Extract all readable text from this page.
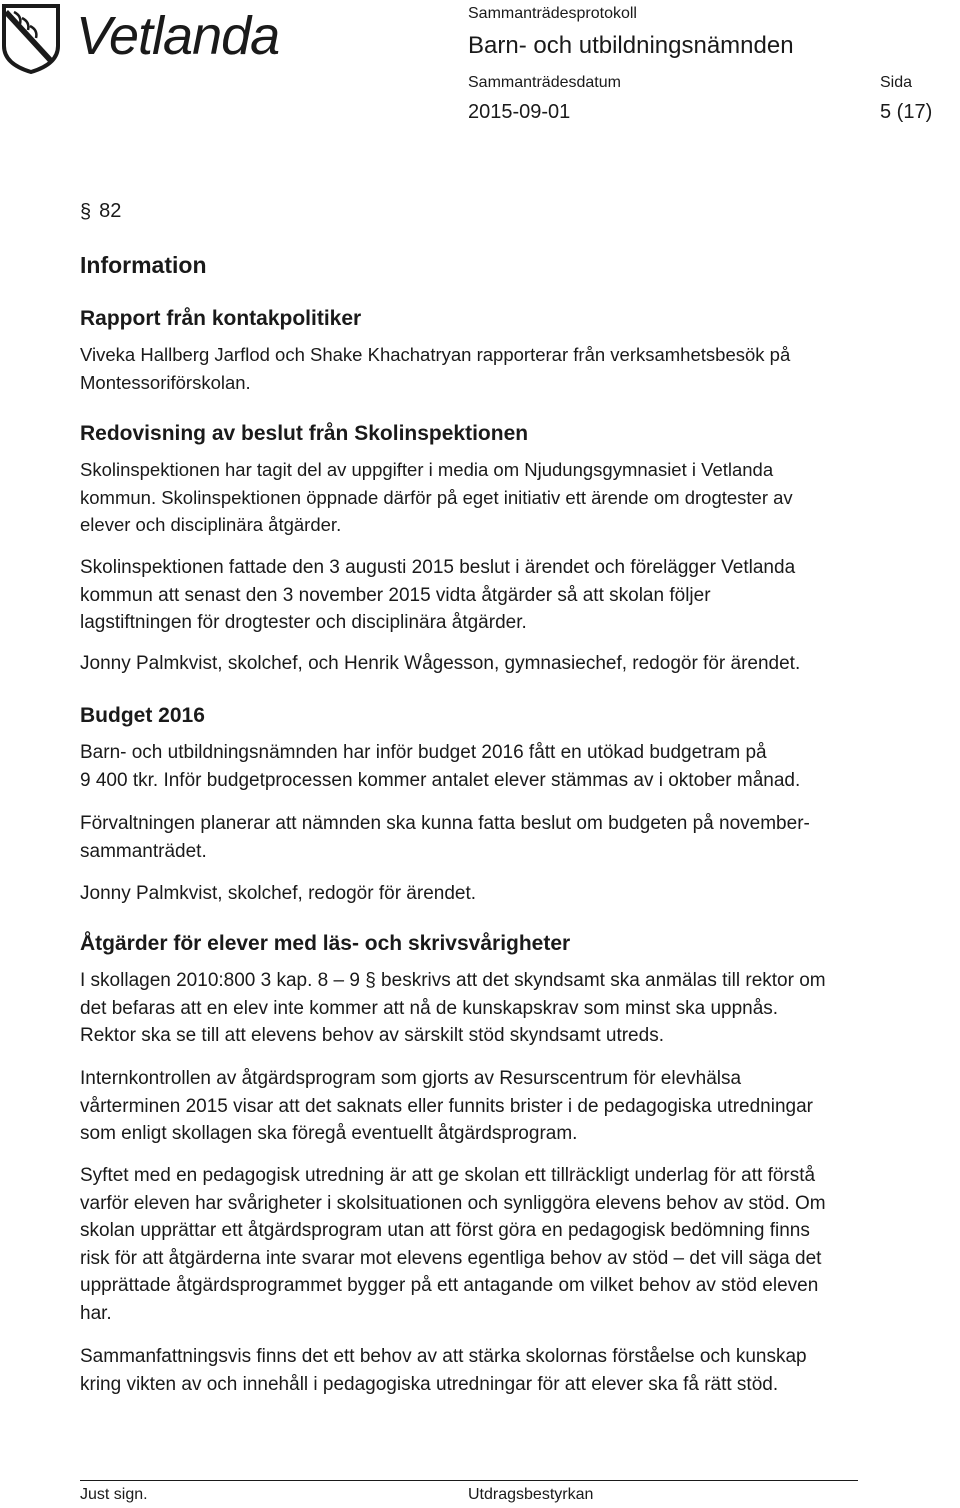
Vetlanda	Sammanträdesprotokoll
Barn- och utbildningsnämnden
Sammanträdesdatum	Sida
2015-09-01	5 (17)
§ 82
Information
Rapport från kontakpolitiker
Viveka Hallberg Jarflod och Shake Khachatryan rapporterar från verksamhetsbesök på
Montessoriförskolan.
Redovisning av beslut från Skolinspektionen
Skolinspektionen har tagit del av uppgifter i media om Njudungsgymnasiet i Vetlanda
kommun. Skolinspektionen öppnade därför på eget initiativ ett ärende om drogtester av
elever och disciplinära åtgärder.
Skolinspektionen fattade den 3 augusti 2015 beslut i ärendet och förelägger Vetlanda
kommun att senast den 3 november 2015 vidta åtgärder så att skolan följer
lagstiftningen för drogtester och disciplinära åtgärder.
Jonny Palmkvist, skolchef, och Henrik Wågesson, gymnasiechef, redogör för ärendet.
Budget 2016
Barn- och utbildningsnämnden har inför budget 2016 fått en utökad budgetram på
9 400 tkr. Inför budgetprocessen kommer antalet elever stämmas av i oktober månad.
Förvaltningen planerar att nämnden ska kunna fatta beslut om budgeten på november-
sammanträdet.
Jonny Palmkvist, skolchef, redogör för ärendet.
Åtgärder för elever med läs- och skrivsvårigheter
I skollagen 2010:800 3 kap. 8 – 9 § beskrivs att det skyndsamt ska anmälas till rektor om
det befaras att en elev inte kommer att nå de kunskapskrav som minst ska uppnås.
Rektor ska se till att elevens behov av särskilt stöd skyndsamt utreds.
Internkontrollen av åtgärdsprogram som gjorts av Resurscentrum för elevhälsa
vårterminen 2015 visar att det saknats eller funnits brister i de pedagogiska utredningar
som enligt skollagen ska föregå eventuellt åtgärdsprogram.
Syftet med en pedagogisk utredning är att ge skolan ett tillräckligt underlag för att förstå
varför eleven har svårigheter i skolsituationen och synliggöra elevens behov av stöd. Om
skolan upprättar ett åtgärdsprogram utan att först göra en pedagogisk bedömning finns
risk för att åtgärderna inte svarar mot elevens egentliga behov av stöd – det vill säga det
upprättade åtgärdsprogrammet bygger på ett antagande om vilket behov av stöd eleven
har.
Sammanfattningsvis finns det ett behov av att stärka skolornas förståelse och kunskap
kring vikten av och innehåll i pedagogiska utredningar för att elever ska få rätt stöd.
Just sign.	Utdragsbestyrkan
